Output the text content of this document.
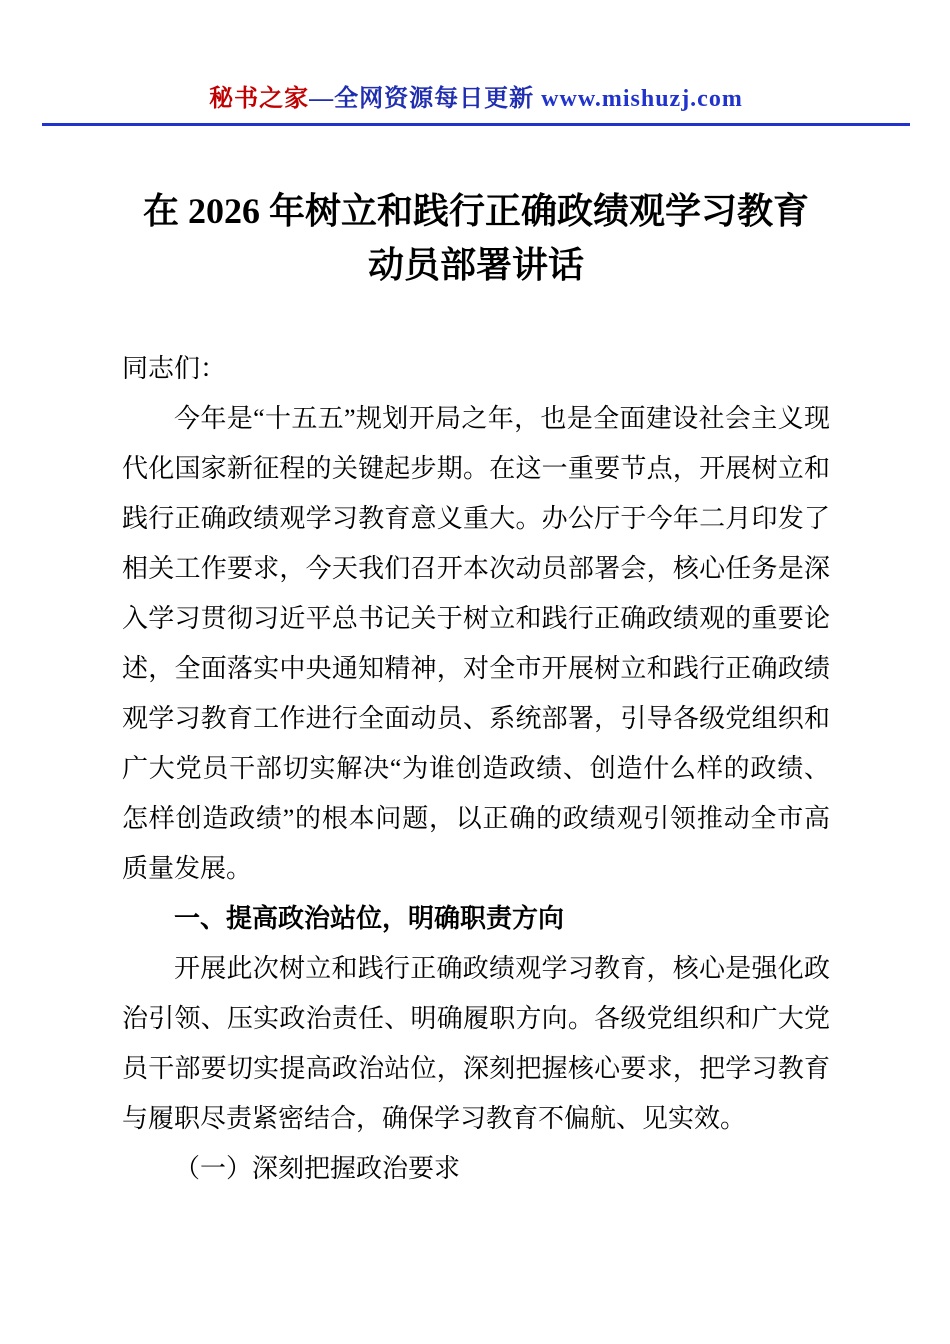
秘书之家—全网资源每日更新 www.mishuzj.com
在 2026 年树立和践行正确政绩观学习教育
动员部署讲话

同志们：

今年是“十五五”规划开局之年，也是全面建设社会主义现代化国家新征程的关键起步期。在这一重要节点，开展树立和践行正确政绩观学习教育意义重大。办公厅于今年二月印发了相关工作要求，今天我们召开本次动员部署会，核心任务是深入学习贯彻习近平总书记关于树立和践行正确政绩观的重要论述，全面落实中央通知精神，对全市开展树立和践行正确政绩观学习教育工作进行全面动员、系统部署，引导各级党组织和广大党员干部切实解决“为谁创造政绩、创造什么样的政绩、怎样创造政绩”的根本问题，以正确的政绩观引领推动全市高质量发展。

一、提高政治站位，明确职责方向

开展此次树立和践行正确政绩观学习教育，核心是强化政治引领、压实政治责任、明确履职方向。各级党组织和广大党员干部要切实提高政治站位，深刻把握核心要求，把学习教育与履职尽责紧密结合，确保学习教育不偏航、见实效。

（一）深刻把握政治要求
